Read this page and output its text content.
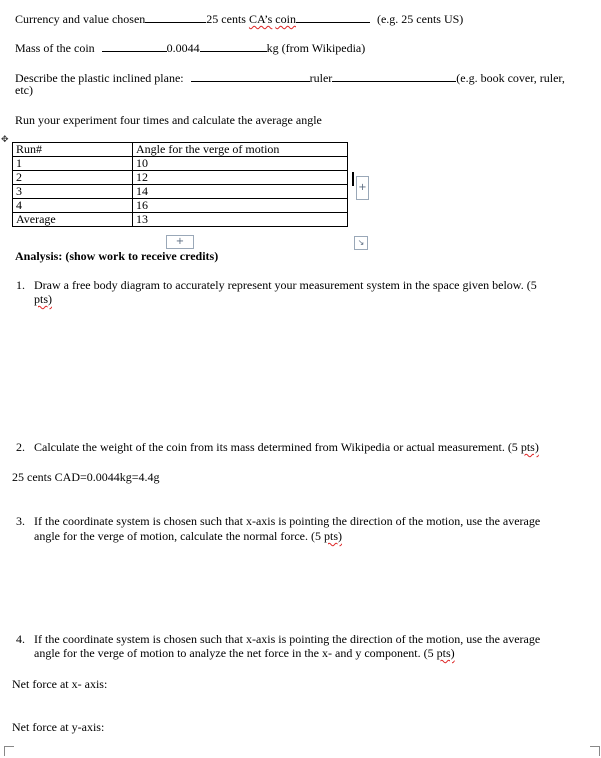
Currency and value chosen	25 cents CA’s coin	(e.g. 25 cents US)
Mass of the coin	0.0044	kg (from Wikipedia)
Describe the plastic inclined plane:	ruler	(e.g. book cover, ruler,
etc)
Run your experiment four times and calculate the average angle
✥
Run#	Angle for the verge of motion
1	10
2	12
3	14
4	16
Average	13
+
+	↘
Analysis: (show work to receive credits)
1. Draw a free body diagram to accurately represent your measurement system in the space given below. (5
pts)
2. Calculate the weight of the coin from its mass determined from Wikipedia or actual measurement. (5 pts)
25 cents CAD=0.0044kg=4.4g
3. If the coordinate system is chosen such that x-axis is pointing the direction of the motion, use the average
angle for the verge of motion, calculate the normal force. (5 pts)
4. If the coordinate system is chosen such that x-axis is pointing the direction of the motion, use the average
angle for the verge of motion to analyze the net force in the x- and y component. (5 pts)
Net force at x- axis:
Net force at y-axis:
